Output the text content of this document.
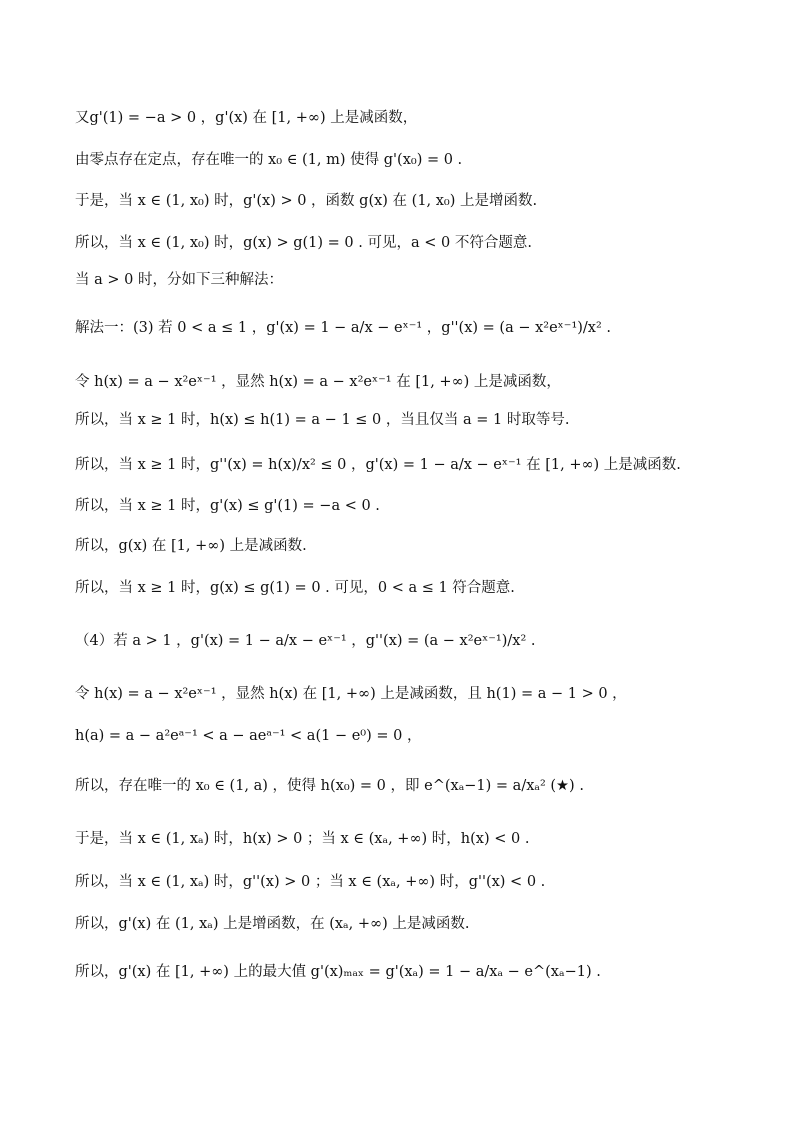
又g'(1) = −a > 0 ，g'(x) 在 [1, +∞) 上是减函数，
由零点存在定点，存在唯一的 x₀ ∈ (1, m) 使得 g'(x₀) = 0 .
于是，当 x ∈ (1, x₀) 时，g'(x) > 0 ，函数 g(x) 在 (1, x₀) 上是增函数.
所以，当 x ∈ (1, x₀) 时，g(x) > g(1) = 0 . 可见，a < 0 不符合题意.
当 a > 0 时，分如下三种解法：
解法一：(3) 若 0 < a ≤ 1 ，g'(x) = 1 − a/x − eˣ⁻¹ ，g''(x) = (a − x²eˣ⁻¹)/x² .
令 h(x) = a − x²eˣ⁻¹ ，显然 h(x) = a − x²eˣ⁻¹ 在 [1, +∞) 上是减函数，
所以，当 x ≥ 1 时，h(x) ≤ h(1) = a − 1 ≤ 0 ，当且仅当 a = 1 时取等号.
所以，当 x ≥ 1 时，g''(x) = h(x)/x² ≤ 0 ，g'(x) = 1 − a/x − eˣ⁻¹ 在 [1, +∞) 上是减函数.
所以，当 x ≥ 1 时，g'(x) ≤ g'(1) = −a < 0 .
所以，g(x) 在 [1, +∞) 上是减函数.
所以，当 x ≥ 1 时，g(x) ≤ g(1) = 0 . 可见，0 < a ≤ 1 符合题意.
（4）若 a > 1 ，g'(x) = 1 − a/x − eˣ⁻¹ ，g''(x) = (a − x²eˣ⁻¹)/x² .
令 h(x) = a − x²eˣ⁻¹ ，显然 h(x) 在 [1, +∞) 上是减函数，且 h(1) = a − 1 > 0 ，
h(a) = a − a²eᵃ⁻¹ < a − aeᵃ⁻¹ < a(1 − e⁰) = 0 ，
所以，存在唯一的 x₀ ∈ (1, a) ，使得 h(x₀) = 0 ，即 e^(xₐ−1) = a/xₐ² (★) .
于是，当 x ∈ (1, xₐ) 时，h(x) > 0 ；当 x ∈ (xₐ, +∞) 时，h(x) < 0 .
所以，当 x ∈ (1, xₐ) 时，g''(x) > 0 ；当 x ∈ (xₐ, +∞) 时，g''(x) < 0 .
所以，g'(x) 在 (1, xₐ) 上是增函数，在 (xₐ, +∞) 上是减函数.
所以，g'(x) 在 [1, +∞) 上的最大值 g'(x)ₘₐₓ = g'(xₐ) = 1 − a/xₐ − e^(xₐ−1) .
